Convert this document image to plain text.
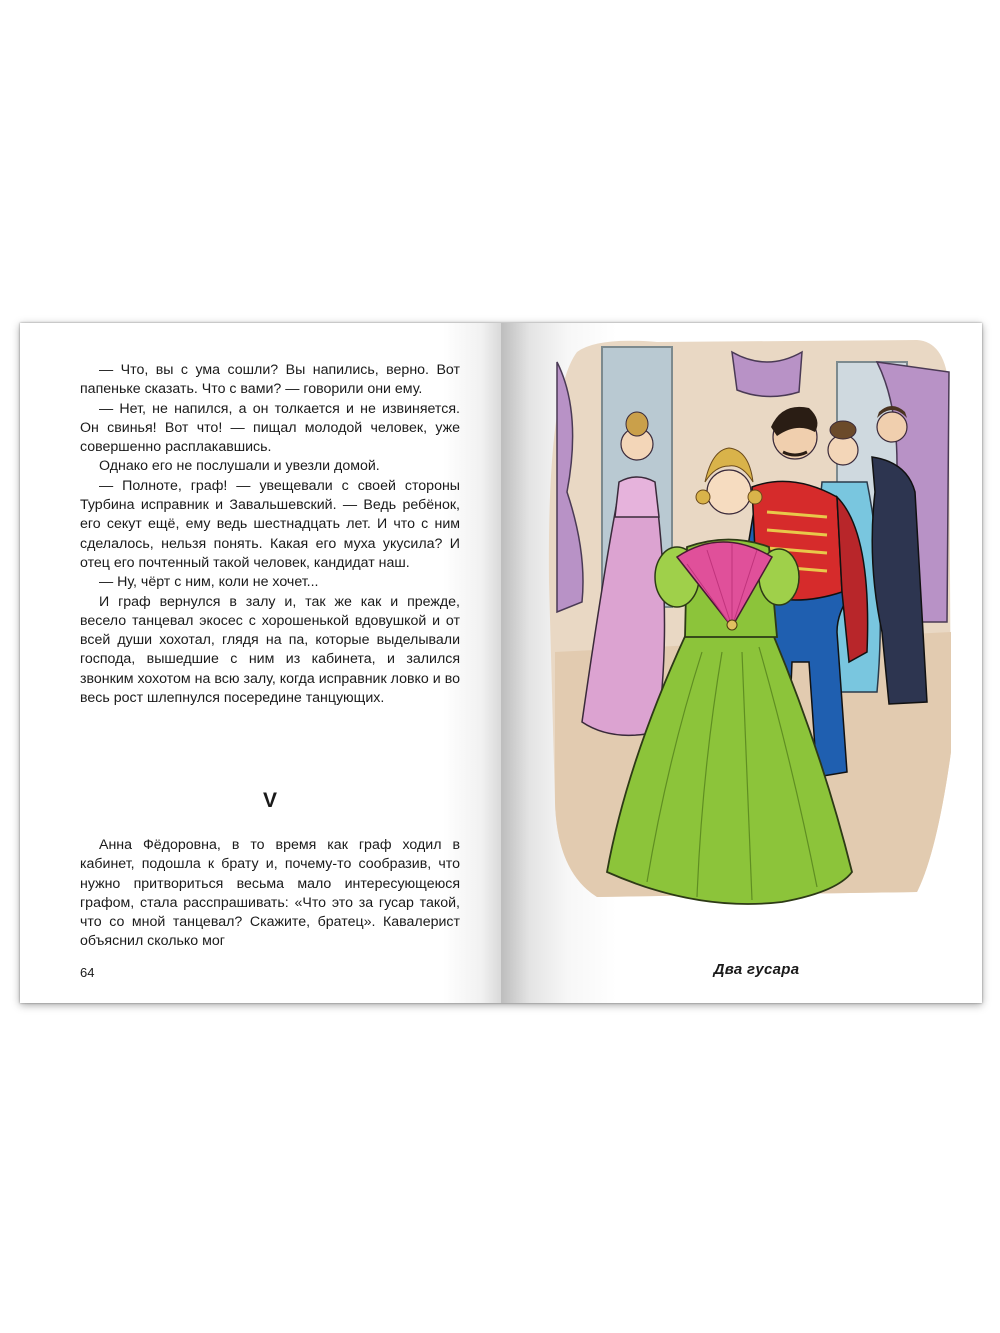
— Что, вы с ума сошли? Вы напились, верно. Вот папеньке сказать. Что с вами? — говорили они ему.

— Нет, не напился, а он толкается и не извиняется. Он свинья! Вот что! — пищал молодой человек, уже совершенно расплакавшись.

Однако его не послушали и увезли домой.

— Полноте, граф! — увещевали с своей стороны Турбина исправник и Завальшевский. — Ведь ребёнок, его секут ещё, ему ведь шестнадцать лет. И что с ним сделалось, нельзя понять. Какая его муха укусила? И отец его почтенный такой человек, кандидат наш.

— Ну, чёрт с ним, коли не хочет...

И граф вернулся в залу и, так же как и прежде, весело танцевал экосес с хорошенькой вдовушкой и от всей души хохотал, глядя на па, которые выделывали господа, вышедшие с ним из кабинета, и залился звонким хохотом на всю залу, когда исправник ловко и во весь рост шлепнулся посередине танцующих.

V

Анна Фёдоровна, в то время как граф ходил в кабинет, подошла к брату и, почему-то сообразив, что нужно притвориться весьма мало интересующеюся графом, стала расспрашивать: «Что это за гусар такой, что со мной танцевал? Скажите, братец». Кавалерист объяснил сколько мог

64	Два гусара
